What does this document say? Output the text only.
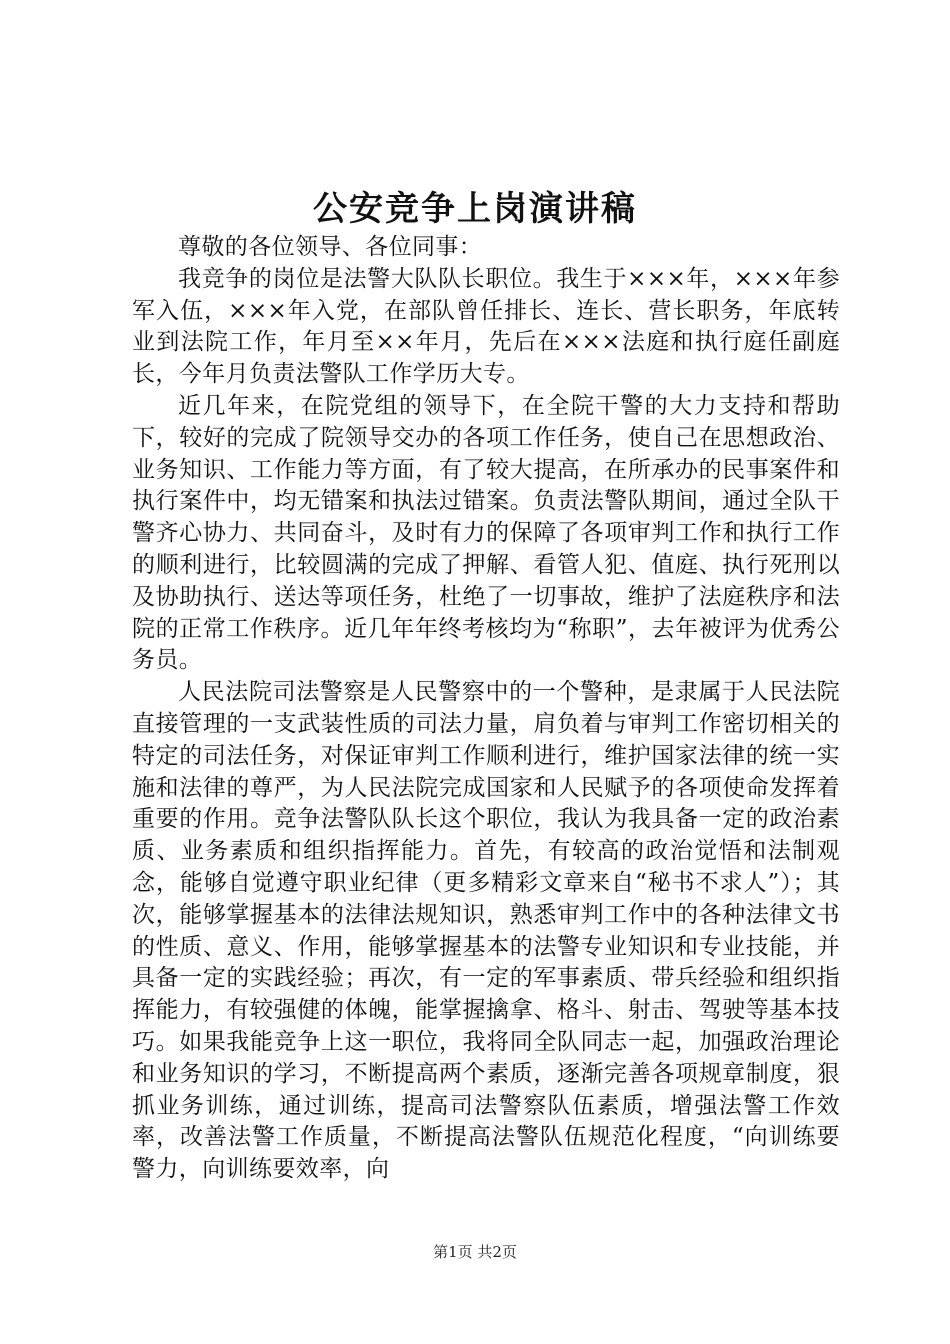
公安竞争上岗演讲稿

尊敬的各位领导、各位同事：

我竞争的岗位是法警大队队长职位。我生于×××年，×××年参军入伍，×××年入党，在部队曾任排长、连长、营长职务，年底转业到法院工作，年月至××年月，先后在×××法庭和执行庭任副庭长，今年月负责法警队工作学历大专。

近几年来，在院党组的领导下，在全院干警的大力支持和帮助下，较好的完成了院领导交办的各项工作任务，使自己在思想政治、业务知识、工作能力等方面，有了较大提高，在所承办的民事案件和执行案件中，均无错案和执法过错案。负责法警队期间，通过全队干警齐心协力、共同奋斗，及时有力的保障了各项审判工作和执行工作的顺利进行，比较圆满的完成了押解、看管人犯、值庭、执行死刑以及协助执行、送达等项任务，杜绝了一切事故，维护了法庭秩序和法院的正常工作秩序。近几年年终考核均为“称职”，去年被评为优秀公务员。

人民法院司法警察是人民警察中的一个警种，是隶属于人民法院直接管理的一支武装性质的司法力量，肩负着与审判工作密切相关的特定的司法任务，对保证审判工作顺利进行，维护国家法律的统一实施和法律的尊严，为人民法院完成国家和人民赋予的各项使命发挥着重要的作用。竞争法警队队长这个职位，我认为我具备一定的政治素质、业务素质和组织指挥能力。首先，有较高的政治觉悟和法制观念，能够自觉遵守职业纪律（更多精彩文章来自“秘书不求人”）；其次，能够掌握基本的法律法规知识，熟悉审判工作中的各种法律文书的性质、意义、作用，能够掌握基本的法警专业知识和专业技能，并具备一定的实践经验；再次，有一定的军事素质、带兵经验和组织指挥能力，有较强健的体魄，能掌握擒拿、格斗、射击、驾驶等基本技巧。如果我能竞争上这一职位，我将同全队同志一起，加强政治理论和业务知识的学习，不断提高两个素质，逐渐完善各项规章制度，狠抓业务训练，通过训练，提高司法警察队伍素质，增强法警工作效率，改善法警工作质量，不断提高法警队伍规范化程度，“向训练要警力，向训练要效率，向

第1页 共2页
